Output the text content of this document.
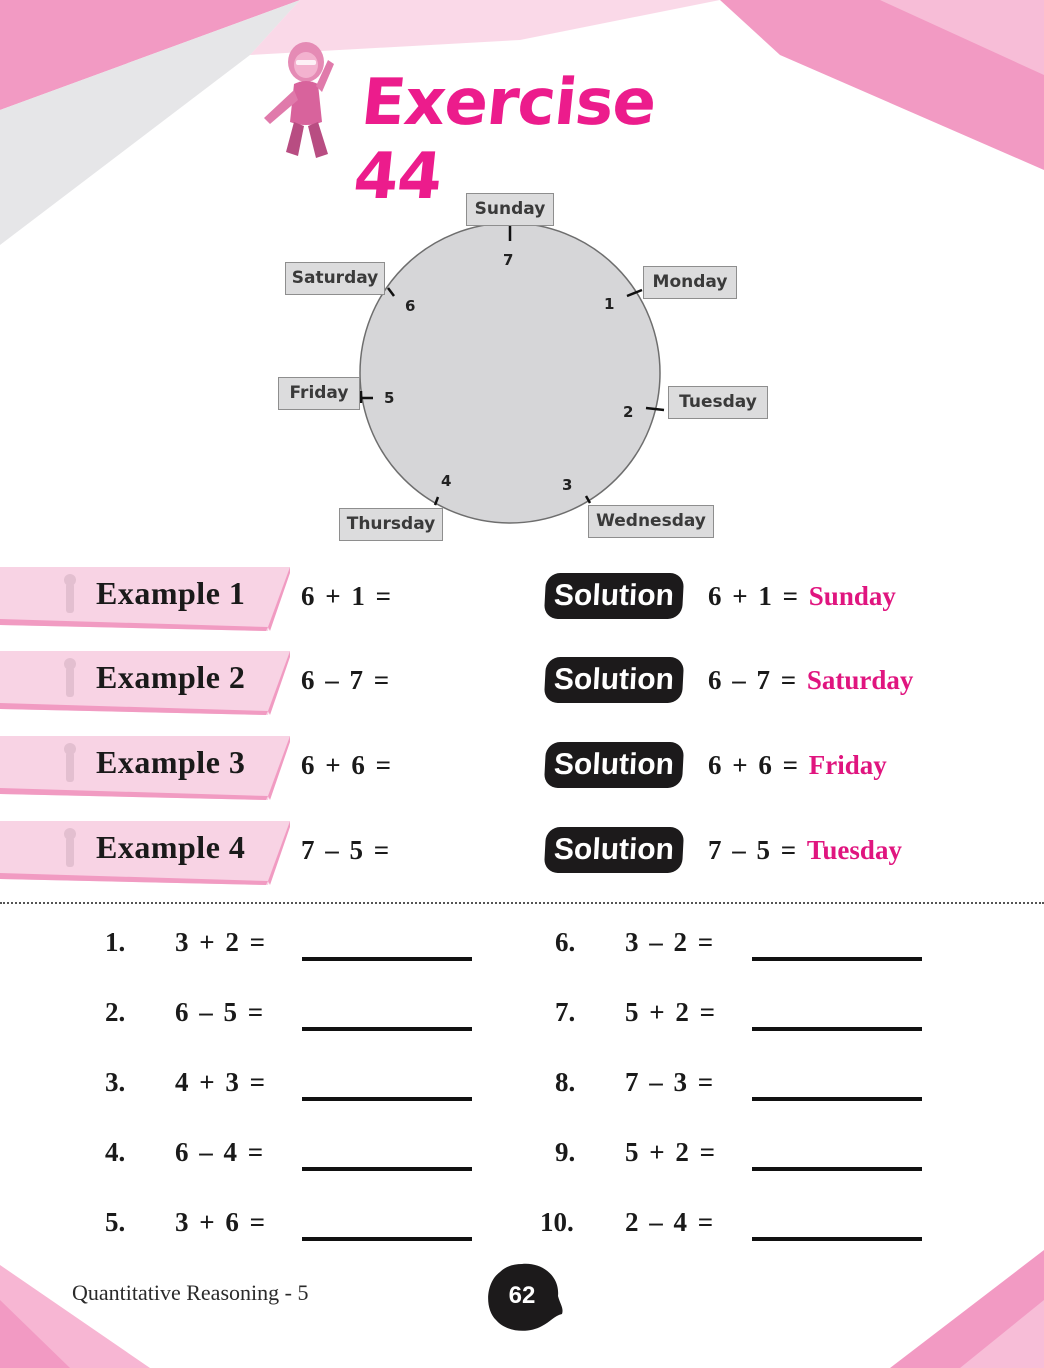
Exercise 44	Sunday
7
Monday
1
Tuesday
2
Wednesday
3
Thursday
4
Friday	5
Saturday
6
Example 1 6 + 1 =	Solution	6 + 1 = Sunday
Example 2 6 – 7 =	Solution	6 – 7 = Saturday
Example 3 6 + 6 =	Solution	6 + 6 = Friday
Example 4 7 – 5 =	Solution	7 – 5 = Tuesday
1.	3 + 2 =
2.	6 – 5 =
3.	4 + 3 =
4.	6 – 4 =
5.	3 + 6 =
6.	3 – 2 =
7.	5 + 2 =
8.	7 – 3 =
9.	5 + 2 =
10.	2 – 4 =
Quantitative Reasoning - 5	62
